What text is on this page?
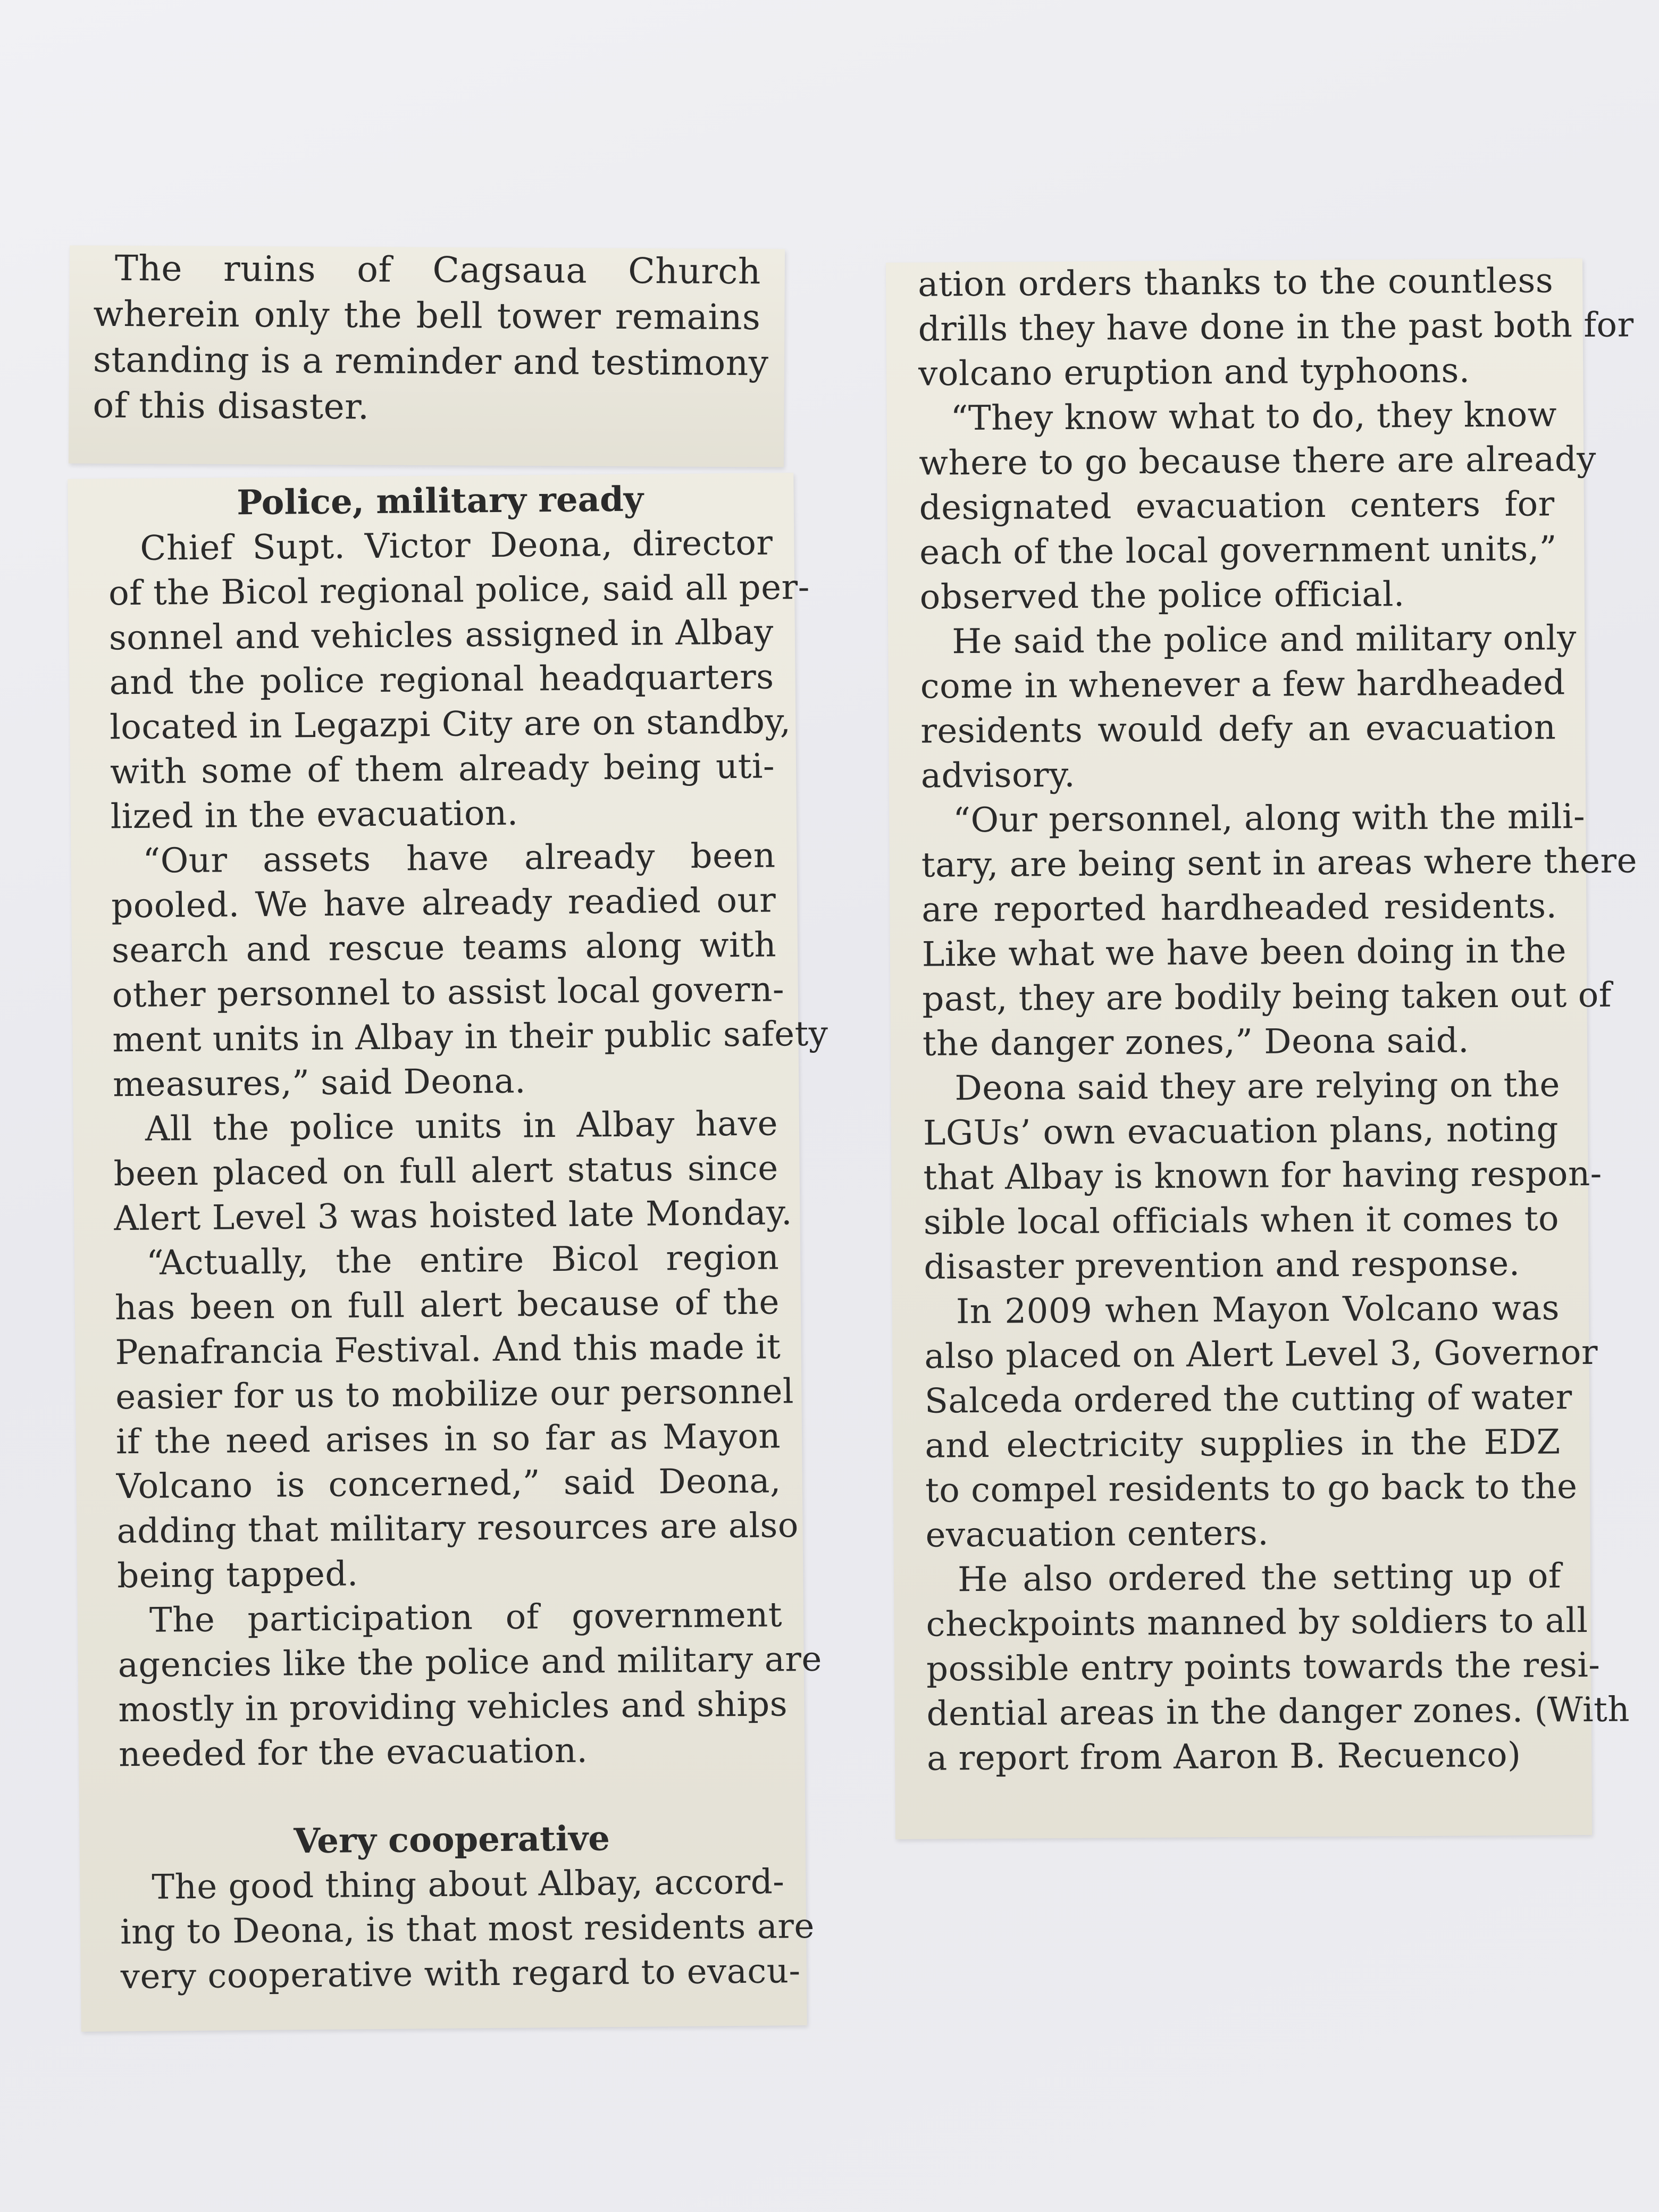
The ruins of Cagsaua Church
wherein only the bell tower remains
standing is a reminder and testimony
of this disaster.
Police, military ready
Chief Supt. Victor Deona, director
of the Bicol regional police, said all per-
sonnel and vehicles assigned in Albay
and the police regional headquarters
located in Legazpi City are on standby,
with some of them already being uti-
lized in the evacuation.
“Our assets have already been
pooled. We have already readied our
search and rescue teams along with
other personnel to assist local govern-
ment units in Albay in their public safety
measures,” said Deona.
All the police units in Albay have
been placed on full alert status since
Alert Level 3 was hoisted late Monday.
“Actually, the entire Bicol region
has been on full alert because of the
Penafrancia Festival. And this made it
easier for us to mobilize our personnel
if the need arises in so far as Mayon
Volcano is concerned,” said Deona,
adding that military resources are also
being tapped.
The participation of government
agencies like the police and military are
mostly in providing vehicles and ships
needed for the evacuation.
Very cooperative
The good thing about Albay, accord-
ing to Deona, is that most residents are
very cooperative with regard to evacu-
ation orders thanks to the countless
drills they have done in the past both for
volcano eruption and typhoons.
“They know what to do, they know
where to go because there are already
designated evacuation centers for
each of the local government units,”
observed the police official.
He said the police and military only
come in whenever a few hardheaded
residents would defy an evacuation
advisory.
“Our personnel, along with the mili-
tary, are being sent in areas where there
are reported hardheaded residents.
Like what we have been doing in the
past, they are bodily being taken out of
the danger zones,” Deona said.
Deona said they are relying on the
LGUs’ own evacuation plans, noting
that Albay is known for having respon-
sible local officials when it comes to
disaster prevention and response.
In 2009 when Mayon Volcano was
also placed on Alert Level 3, Governor
Salceda ordered the cutting of water
and electricity supplies in the EDZ
to compel residents to go back to the
evacuation centers.
He also ordered the setting up of
checkpoints manned by soldiers to all
possible entry points towards the resi-
dential areas in the danger zones. (With
a report from Aaron B. Recuenco)
